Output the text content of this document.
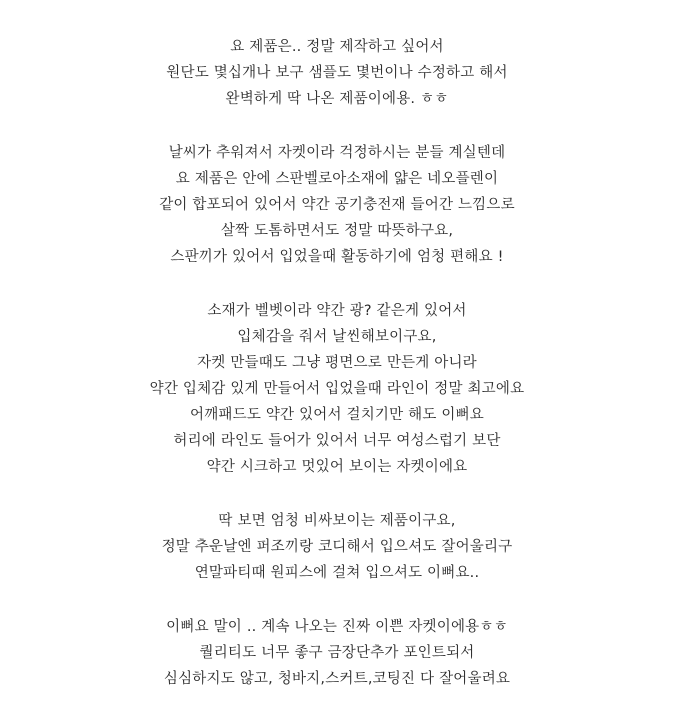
요 제품은.. 정말 제작하고 싶어서
원단도 몇십개나 보구 샘플도 몇번이나 수정하고 해서
완벽하게 딱 나온 제품이에용. ㅎㅎ
날씨가 추워져서 자켓이라 걱정하시는 분들 계실텐데
요 제품은 안에 스판벨로아소재에 얇은 네오플렌이
같이 합포되어 있어서 약간 공기충전재 들어간 느낌으로
살짝 도톰하면서도 정말 따뜻하구요,
스판끼가 있어서 입었을때 활동하기에 엄청 편해요 !
소재가 벨벳이라 약간 광? 같은게 있어서
입체감을 줘서 날씬해보이구요,
자켓 만들때도 그냥 평면으로 만든게 아니라
약간 입체감 있게 만들어서 입었을때 라인이 정말 최고에요
어깨패드도 약간 있어서 걸치기만 해도 이뻐요
허리에 라인도 들어가 있어서 너무 여성스럽기 보단
약간 시크하고 멋있어 보이는 자켓이에요
딱 보면 엄청 비싸보이는 제품이구요,
정말 추운날엔 퍼조끼랑 코디해서 입으셔도 잘어울리구
연말파티때 원피스에 걸쳐 입으셔도 이뻐요..
이뻐요 말이 .. 계속 나오는 진짜 이쁜 자켓이에용ㅎㅎ
퀄리티도 너무 좋구 금장단추가 포인트되서
심심하지도 않고, 청바지,스커트,코팅진 다 잘어울려요
